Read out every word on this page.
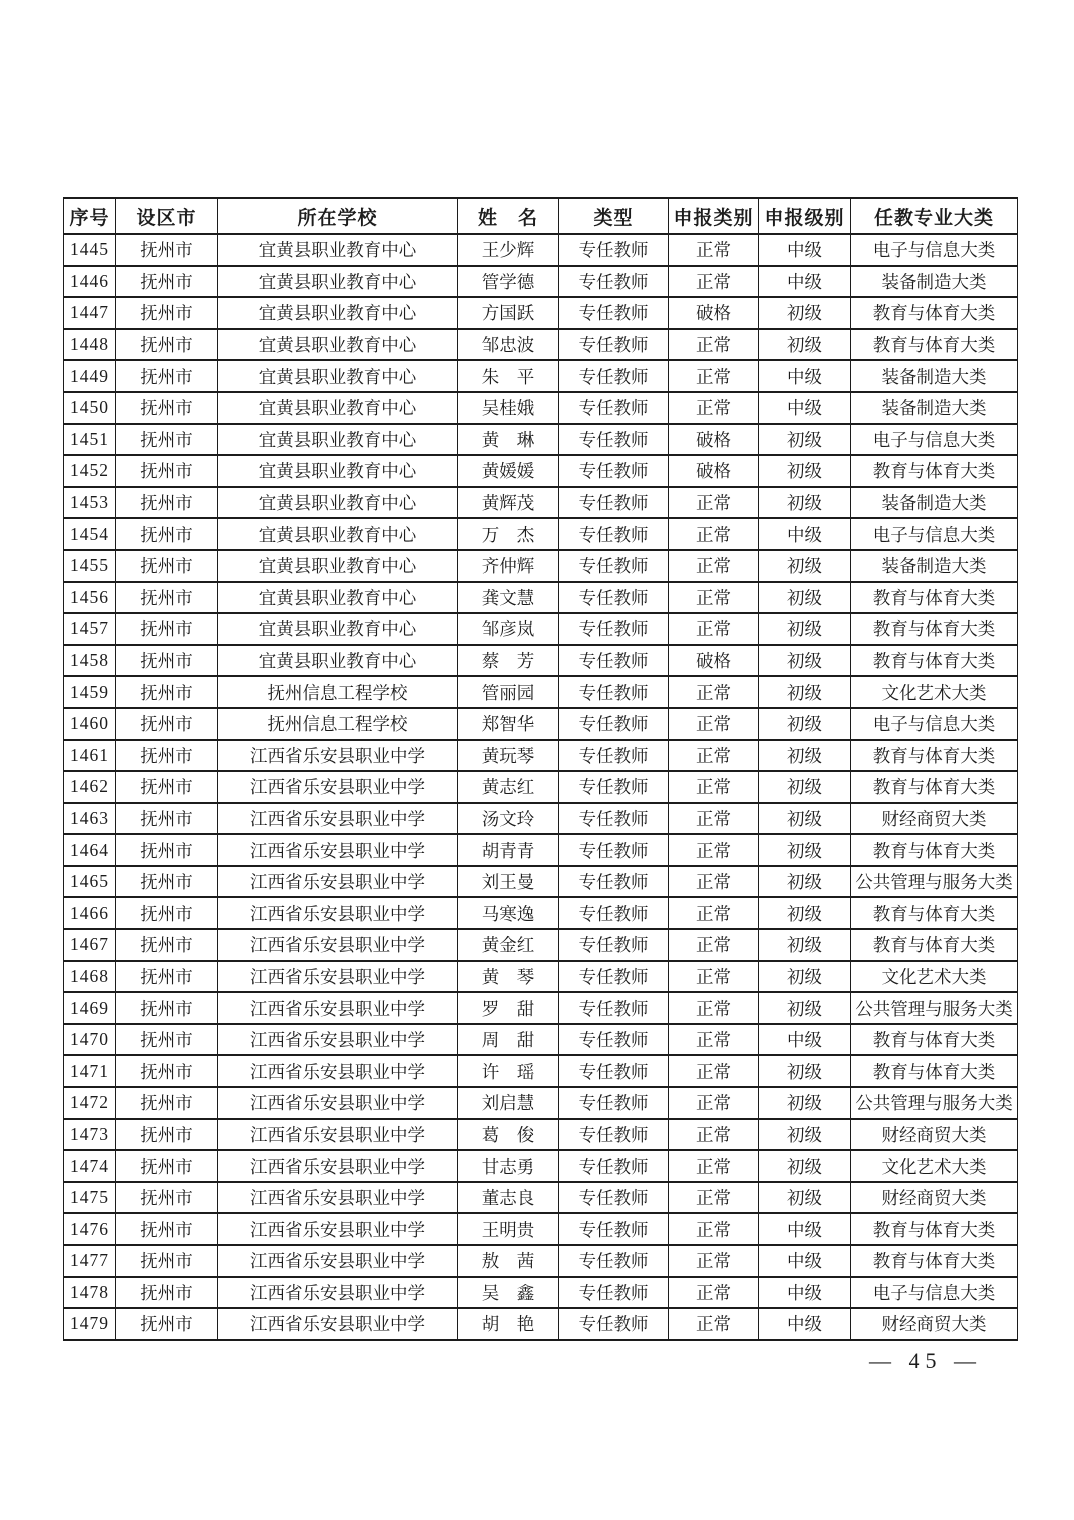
序号	设区市	所在学校	姓　名	类型	申报类别	申报级别	任教专业大类
1445	抚州市	宜黄县职业教育中心	王少辉	专任教师	正常	中级	电子与信息大类
1446	抚州市	宜黄县职业教育中心	管学德	专任教师	正常	中级	装备制造大类
1447	抚州市	宜黄县职业教育中心	方国跃	专任教师	破格	初级	教育与体育大类
1448	抚州市	宜黄县职业教育中心	邹忠波	专任教师	正常	初级	教育与体育大类
1449	抚州市	宜黄县职业教育中心	朱　平	专任教师	正常	中级	装备制造大类
1450	抚州市	宜黄县职业教育中心	吴桂娥	专任教师	正常	中级	装备制造大类
1451	抚州市	宜黄县职业教育中心	黄　琳	专任教师	破格	初级	电子与信息大类
1452	抚州市	宜黄县职业教育中心	黄媛媛	专任教师	破格	初级	教育与体育大类
1453	抚州市	宜黄县职业教育中心	黄辉茂	专任教师	正常	初级	装备制造大类
1454	抚州市	宜黄县职业教育中心	万　杰	专任教师	正常	中级	电子与信息大类
1455	抚州市	宜黄县职业教育中心	齐仲辉	专任教师	正常	初级	装备制造大类
1456	抚州市	宜黄县职业教育中心	龚文慧	专任教师	正常	初级	教育与体育大类
1457	抚州市	宜黄县职业教育中心	邹彦岚	专任教师	正常	初级	教育与体育大类
1458	抚州市	宜黄县职业教育中心	蔡　芳	专任教师	破格	初级	教育与体育大类
1459	抚州市	抚州信息工程学校	管丽园	专任教师	正常	初级	文化艺术大类
1460	抚州市	抚州信息工程学校	郑智华	专任教师	正常	初级	电子与信息大类
1461	抚州市	江西省乐安县职业中学	黄玩琴	专任教师	正常	初级	教育与体育大类
1462	抚州市	江西省乐安县职业中学	黄志红	专任教师	正常	初级	教育与体育大类
1463	抚州市	江西省乐安县职业中学	汤文玲	专任教师	正常	初级	财经商贸大类
1464	抚州市	江西省乐安县职业中学	胡青青	专任教师	正常	初级	教育与体育大类
1465	抚州市	江西省乐安县职业中学	刘王曼	专任教师	正常	初级	公共管理与服务大类
1466	抚州市	江西省乐安县职业中学	马寒逸	专任教师	正常	初级	教育与体育大类
1467	抚州市	江西省乐安县职业中学	黄金红	专任教师	正常	初级	教育与体育大类
1468	抚州市	江西省乐安县职业中学	黄　琴	专任教师	正常	初级	文化艺术大类
1469	抚州市	江西省乐安县职业中学	罗　甜	专任教师	正常	初级	公共管理与服务大类
1470	抚州市	江西省乐安县职业中学	周　甜	专任教师	正常	中级	教育与体育大类
1471	抚州市	江西省乐安县职业中学	许　瑶	专任教师	正常	初级	教育与体育大类
1472	抚州市	江西省乐安县职业中学	刘启慧	专任教师	正常	初级	公共管理与服务大类
1473	抚州市	江西省乐安县职业中学	葛　俊	专任教师	正常	初级	财经商贸大类
1474	抚州市	江西省乐安县职业中学	甘志勇	专任教师	正常	初级	文化艺术大类
1475	抚州市	江西省乐安县职业中学	董志良	专任教师	正常	初级	财经商贸大类
1476	抚州市	江西省乐安县职业中学	王明贵	专任教师	正常	中级	教育与体育大类
1477	抚州市	江西省乐安县职业中学	敖　茜	专任教师	正常	中级	教育与体育大类
1478	抚州市	江西省乐安县职业中学	吴　鑫	专任教师	正常	中级	电子与信息大类
1479	抚州市	江西省乐安县职业中学	胡　艳	专任教师	正常	中级	财经商贸大类
— 45 —
